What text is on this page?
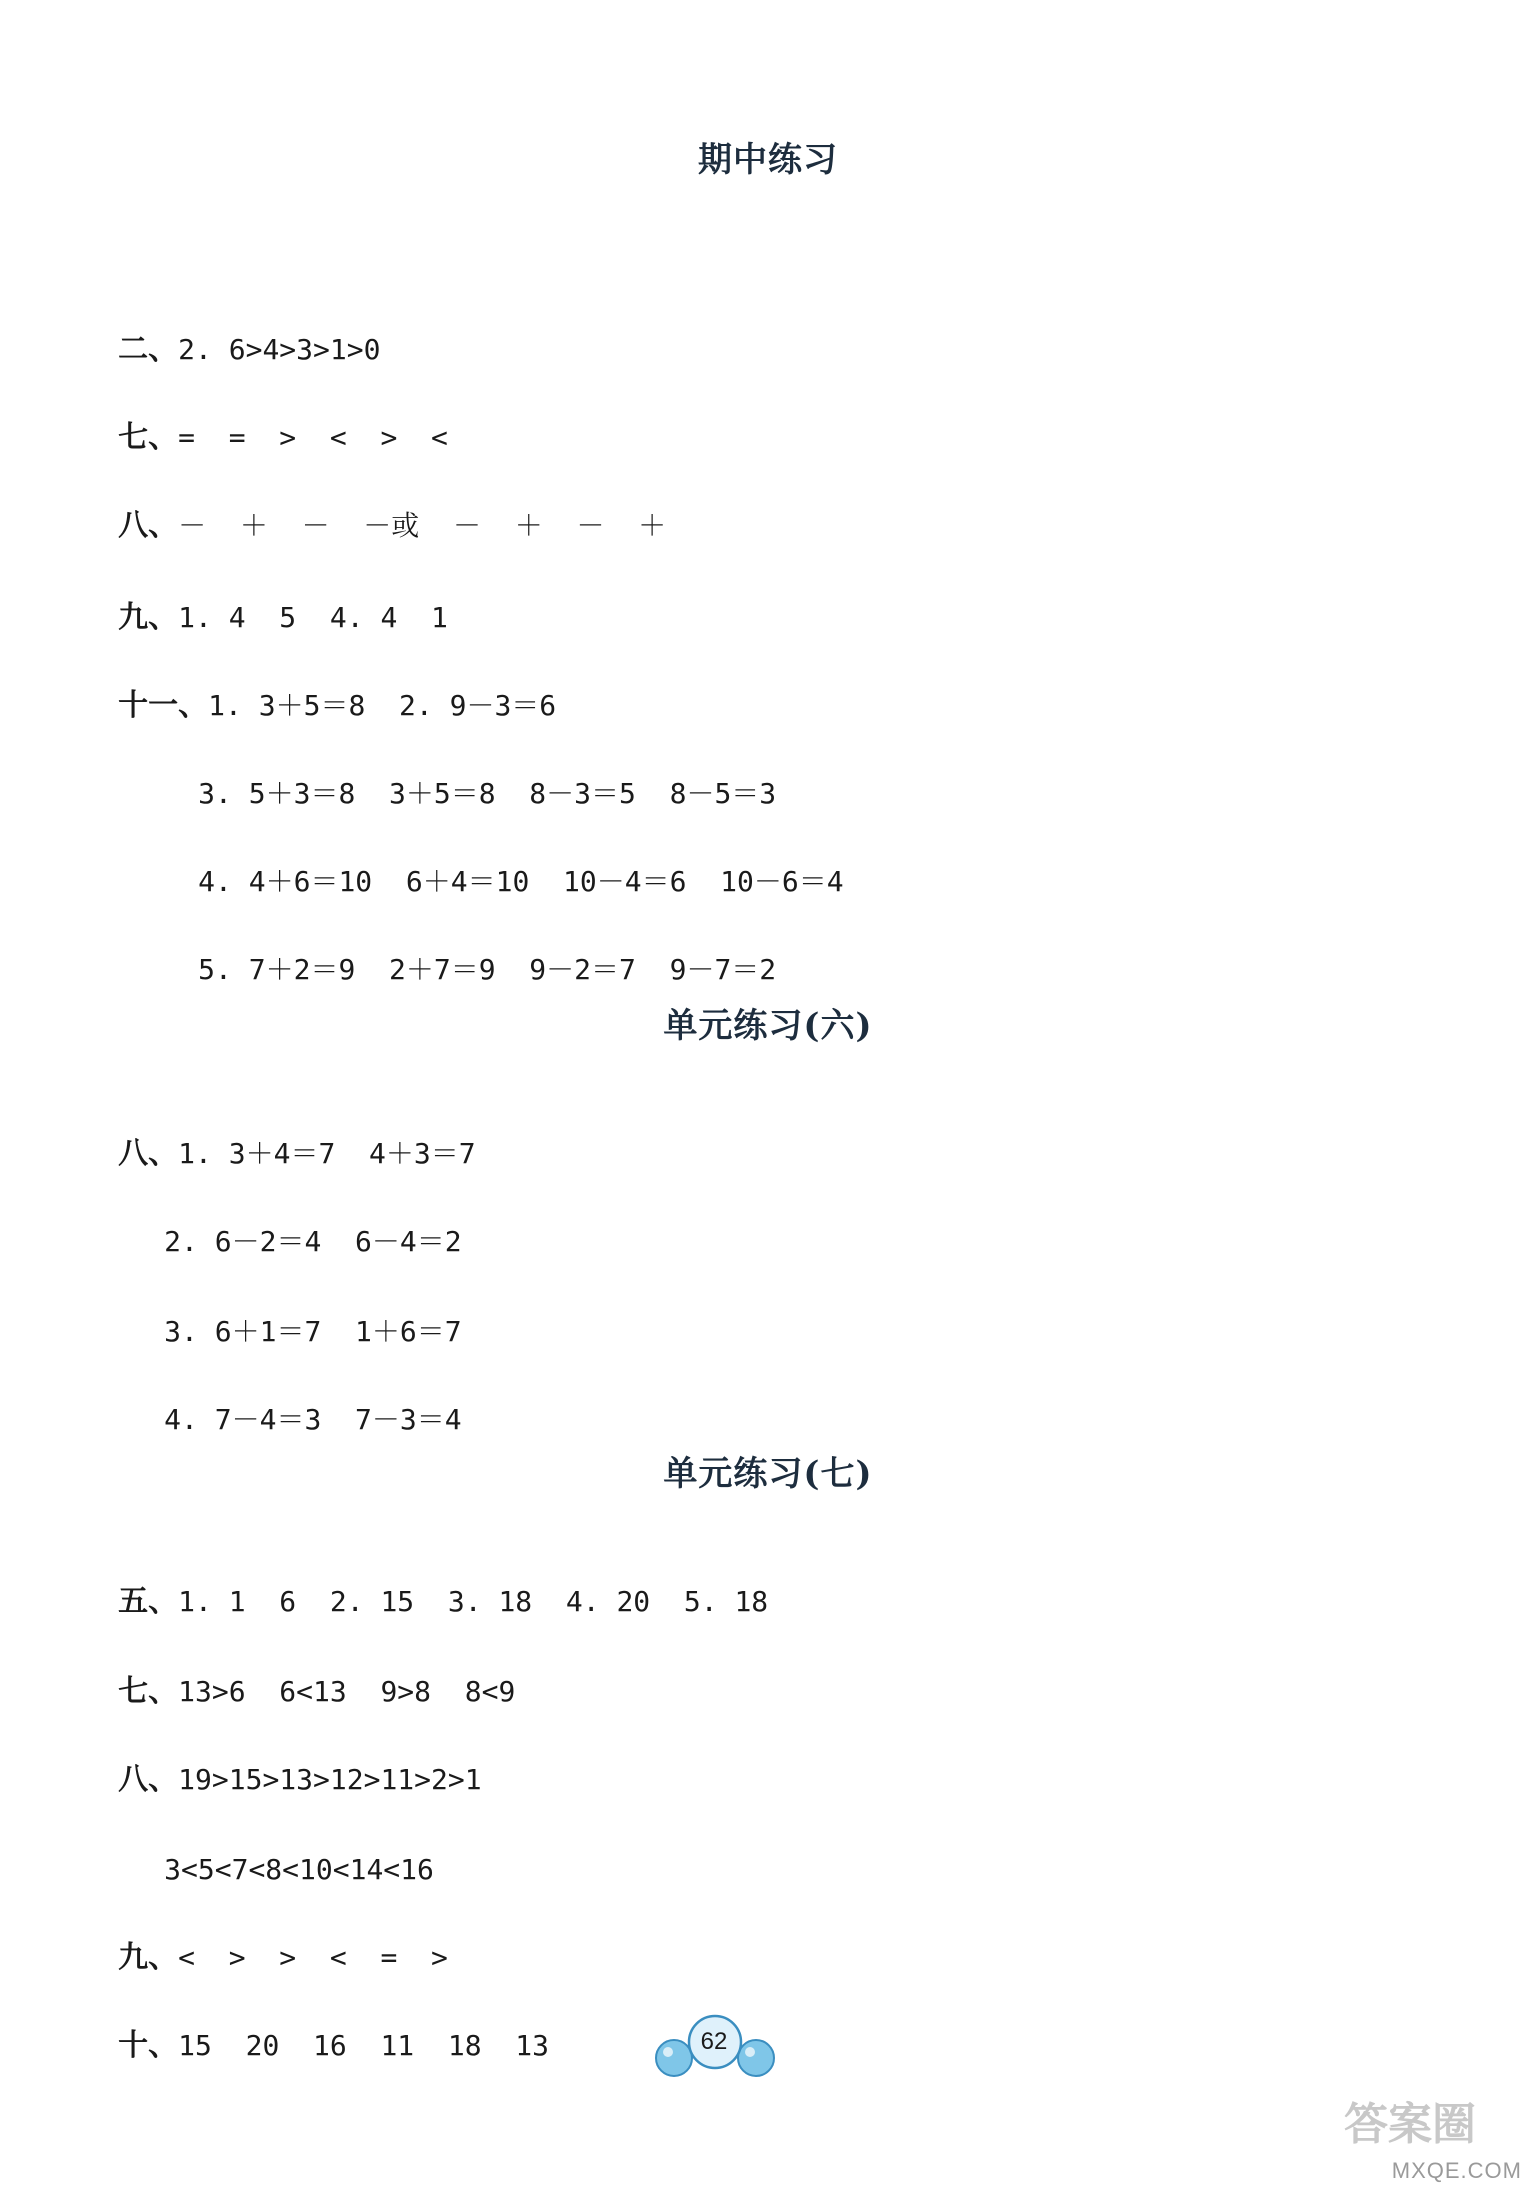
期中练习

二、2. 6>4>3>1>0

七、=  =  >  <  >  <

八、－  ＋  －  －或  －  ＋  －  ＋

九、1. 4  5  4. 4  1

十一、1. 3＋5＝8  2. 9－3＝6

3. 5＋3＝8  3＋5＝8  8－3＝5  8－5＝3

4. 4＋6＝10  6＋4＝10  10－4＝6  10－6＝4

5. 7＋2＝9  2＋7＝9  9－2＝7  9－7＝2

单元练习(六)

八、1. 3＋4＝7  4＋3＝7

2. 6－2＝4  6－4＝2

3. 6＋1＝7  1＋6＝7

4. 7－4＝3  7－3＝4

单元练习(七)

五、1. 1  6  2. 15  3. 18  4. 20  5. 18

七、13>6  6<13  9>8  8<9

八、19>15>13>12>11>2>1

3<5<7<8<10<14<16

九、<  >  >  <  =  >

十、15  20  16  11  18  13
	62
答案圈
MXQE.COM
